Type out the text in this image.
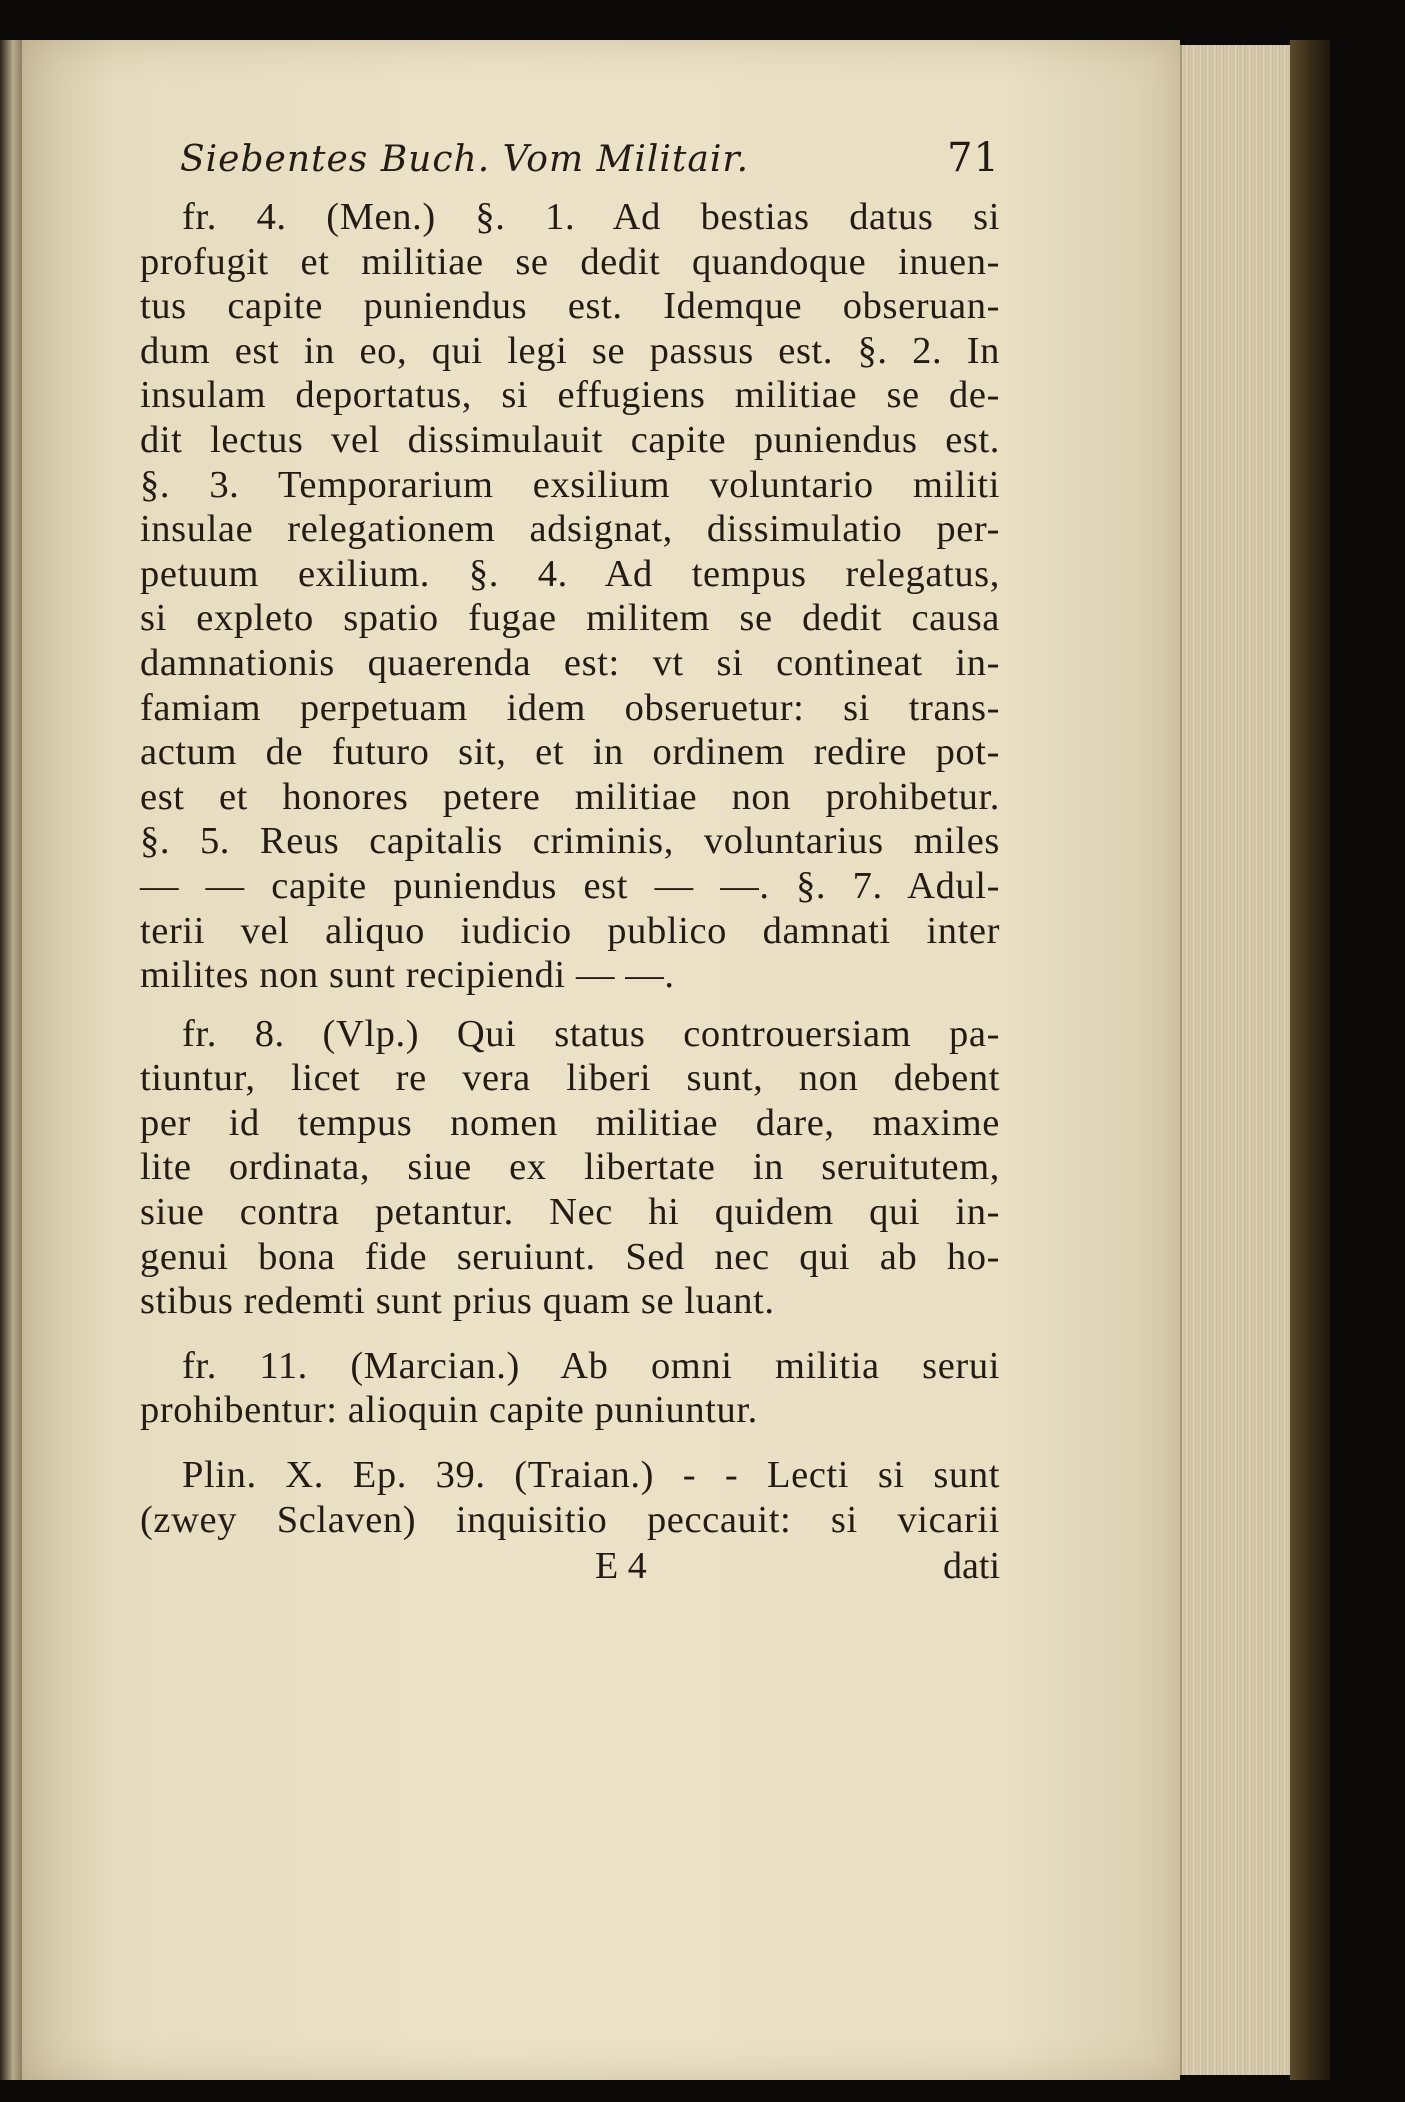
Siebentes Buch. Vom Militair.	71
fr. 4. (Men.) §. 1. Ad bestias datus si
profugit et militiae se dedit quandoque inuen-
tus capite puniendus est. Idemque obseruan-
dum est in eo, qui legi se passus est. §. 2. In
insulam deportatus, si effugiens militiae se de-
dit lectus vel dissimulauit capite puniendus est.
§. 3. Temporarium exsilium voluntario militi
insulae relegationem adsignat, dissimulatio per-
petuum exilium. §. 4. Ad tempus relegatus,
si expleto spatio fugae militem se dedit causa
damnationis quaerenda est: vt si contineat in-
famiam perpetuam idem obseruetur: si trans-
actum de futuro sit, et in ordinem redire pot-
est et honores petere militiae non prohibetur.
§. 5. Reus capitalis criminis, voluntarius miles
— — capite puniendus est — —. §. 7. Adul-
terii vel aliquo iudicio publico damnati inter
milites non sunt recipiendi — —.
fr. 8. (Vlp.) Qui status controuersiam pa-
tiuntur, licet re vera liberi sunt, non debent
per id tempus nomen militiae dare, maxime
lite ordinata, siue ex libertate in seruitutem,
siue contra petantur. Nec hi quidem qui in-
genui bona fide seruiunt. Sed nec qui ab ho-
stibus redemti sunt prius quam se luant.
fr. 11. (Marcian.) Ab omni militia serui
prohibentur: alioquin capite puniuntur.
Plin. X. Ep. 39. (Traian.) - - Lecti si sunt
(zwey Sclaven) inquisitio peccauit: si vicarii
E 4	dati
